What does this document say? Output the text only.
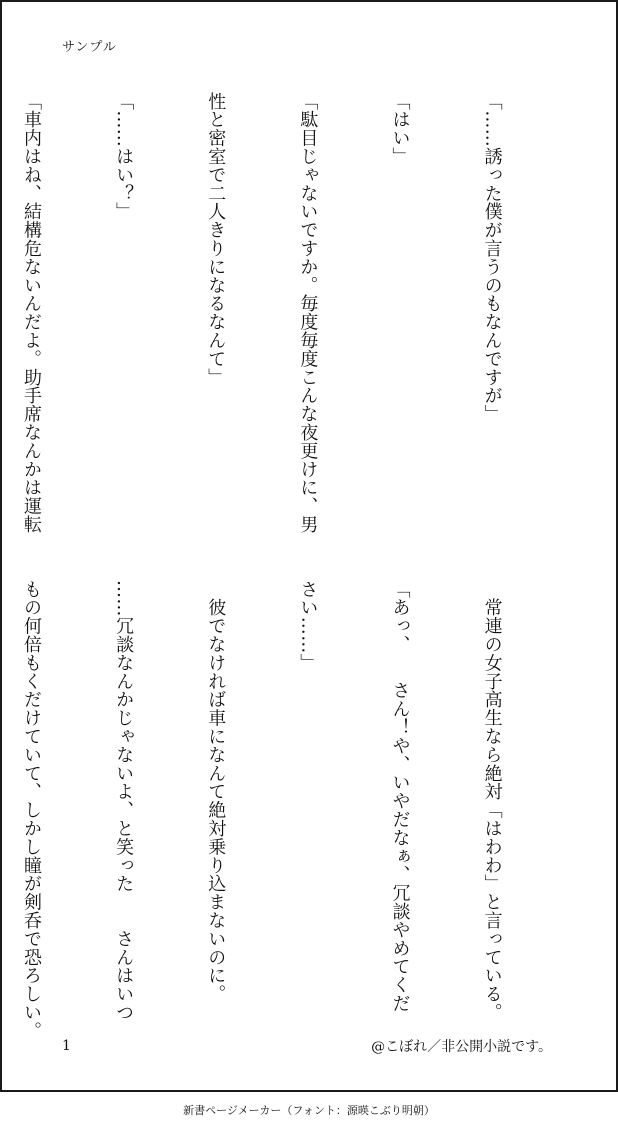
サンプル

「……誘った僕が言うのもなんですが」

「はい」

「駄目じゃないですか。毎度毎度こんな夜更けに、男

性と密室で二人きりになるなんて」

「……はい？」

「車内はね、結構危ないんだよ。助手席なんかは運転

　常連の女子高生なら絶対「はわわ」と言っている。

「あっ、　　さん！や、いやだなぁ、冗談やめてくだ

さい……」

　彼でなければ車になんて絶対乗り込まないのに。

……冗談なんかじゃないよ、と笑った　　さんはいつ

もの何倍もくだけていて、しかし瞳が剣呑で恐ろしい。

1	@こぼれ／非公開小説です。
新書ページメーカー（フォント：源暎こぶり明朝）
